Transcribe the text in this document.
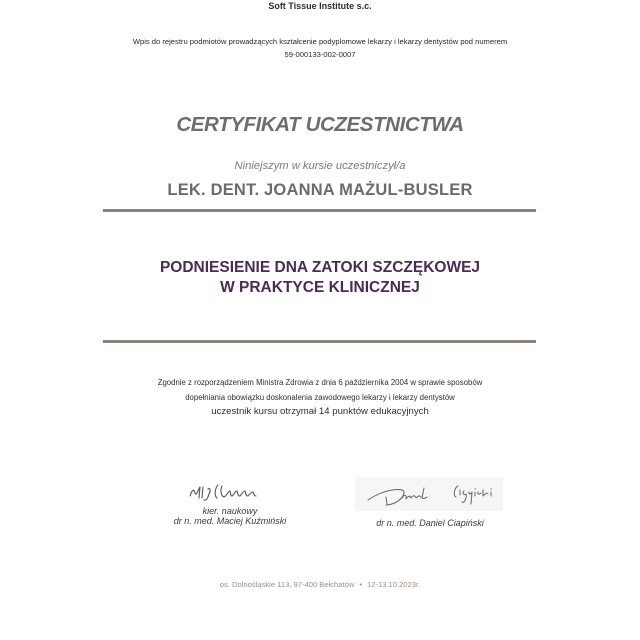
Soft Tissue Institute s.c.
Wpis do rejestru podmiotów prowadzących kształcenie podyplomowe lekarzy i lekarzy dentystów pod numerem
59-000133-002-0007
CERTYFIKAT UCZESTNICTWA
Niniejszym w kursie uczestniczył/a
LEK. DENT. JOANNA MAŻUL-BUSLER
PODNIESIENIE DNA ZATOKI SZCZĘKOWEJ
W PRAKTYCE KLINICZNEJ
Zgodnie z rozporządzeniem Ministra Zdrowia z dnia 6 października 2004 w sprawie sposobów
dopełniania obowiązku doskonalenia zawodowego lekarzy i lekarzy dentystów
uczestnik kursu otrzymał 14 punktów edukacyjnych
kier. naukowy
dr n. med. Maciej Kuźmiński	dr n. med. Daniel Ciapiński
os. Dolnośląskie 113, 97-400 Bełchatów • 12-13.10.2023r.
